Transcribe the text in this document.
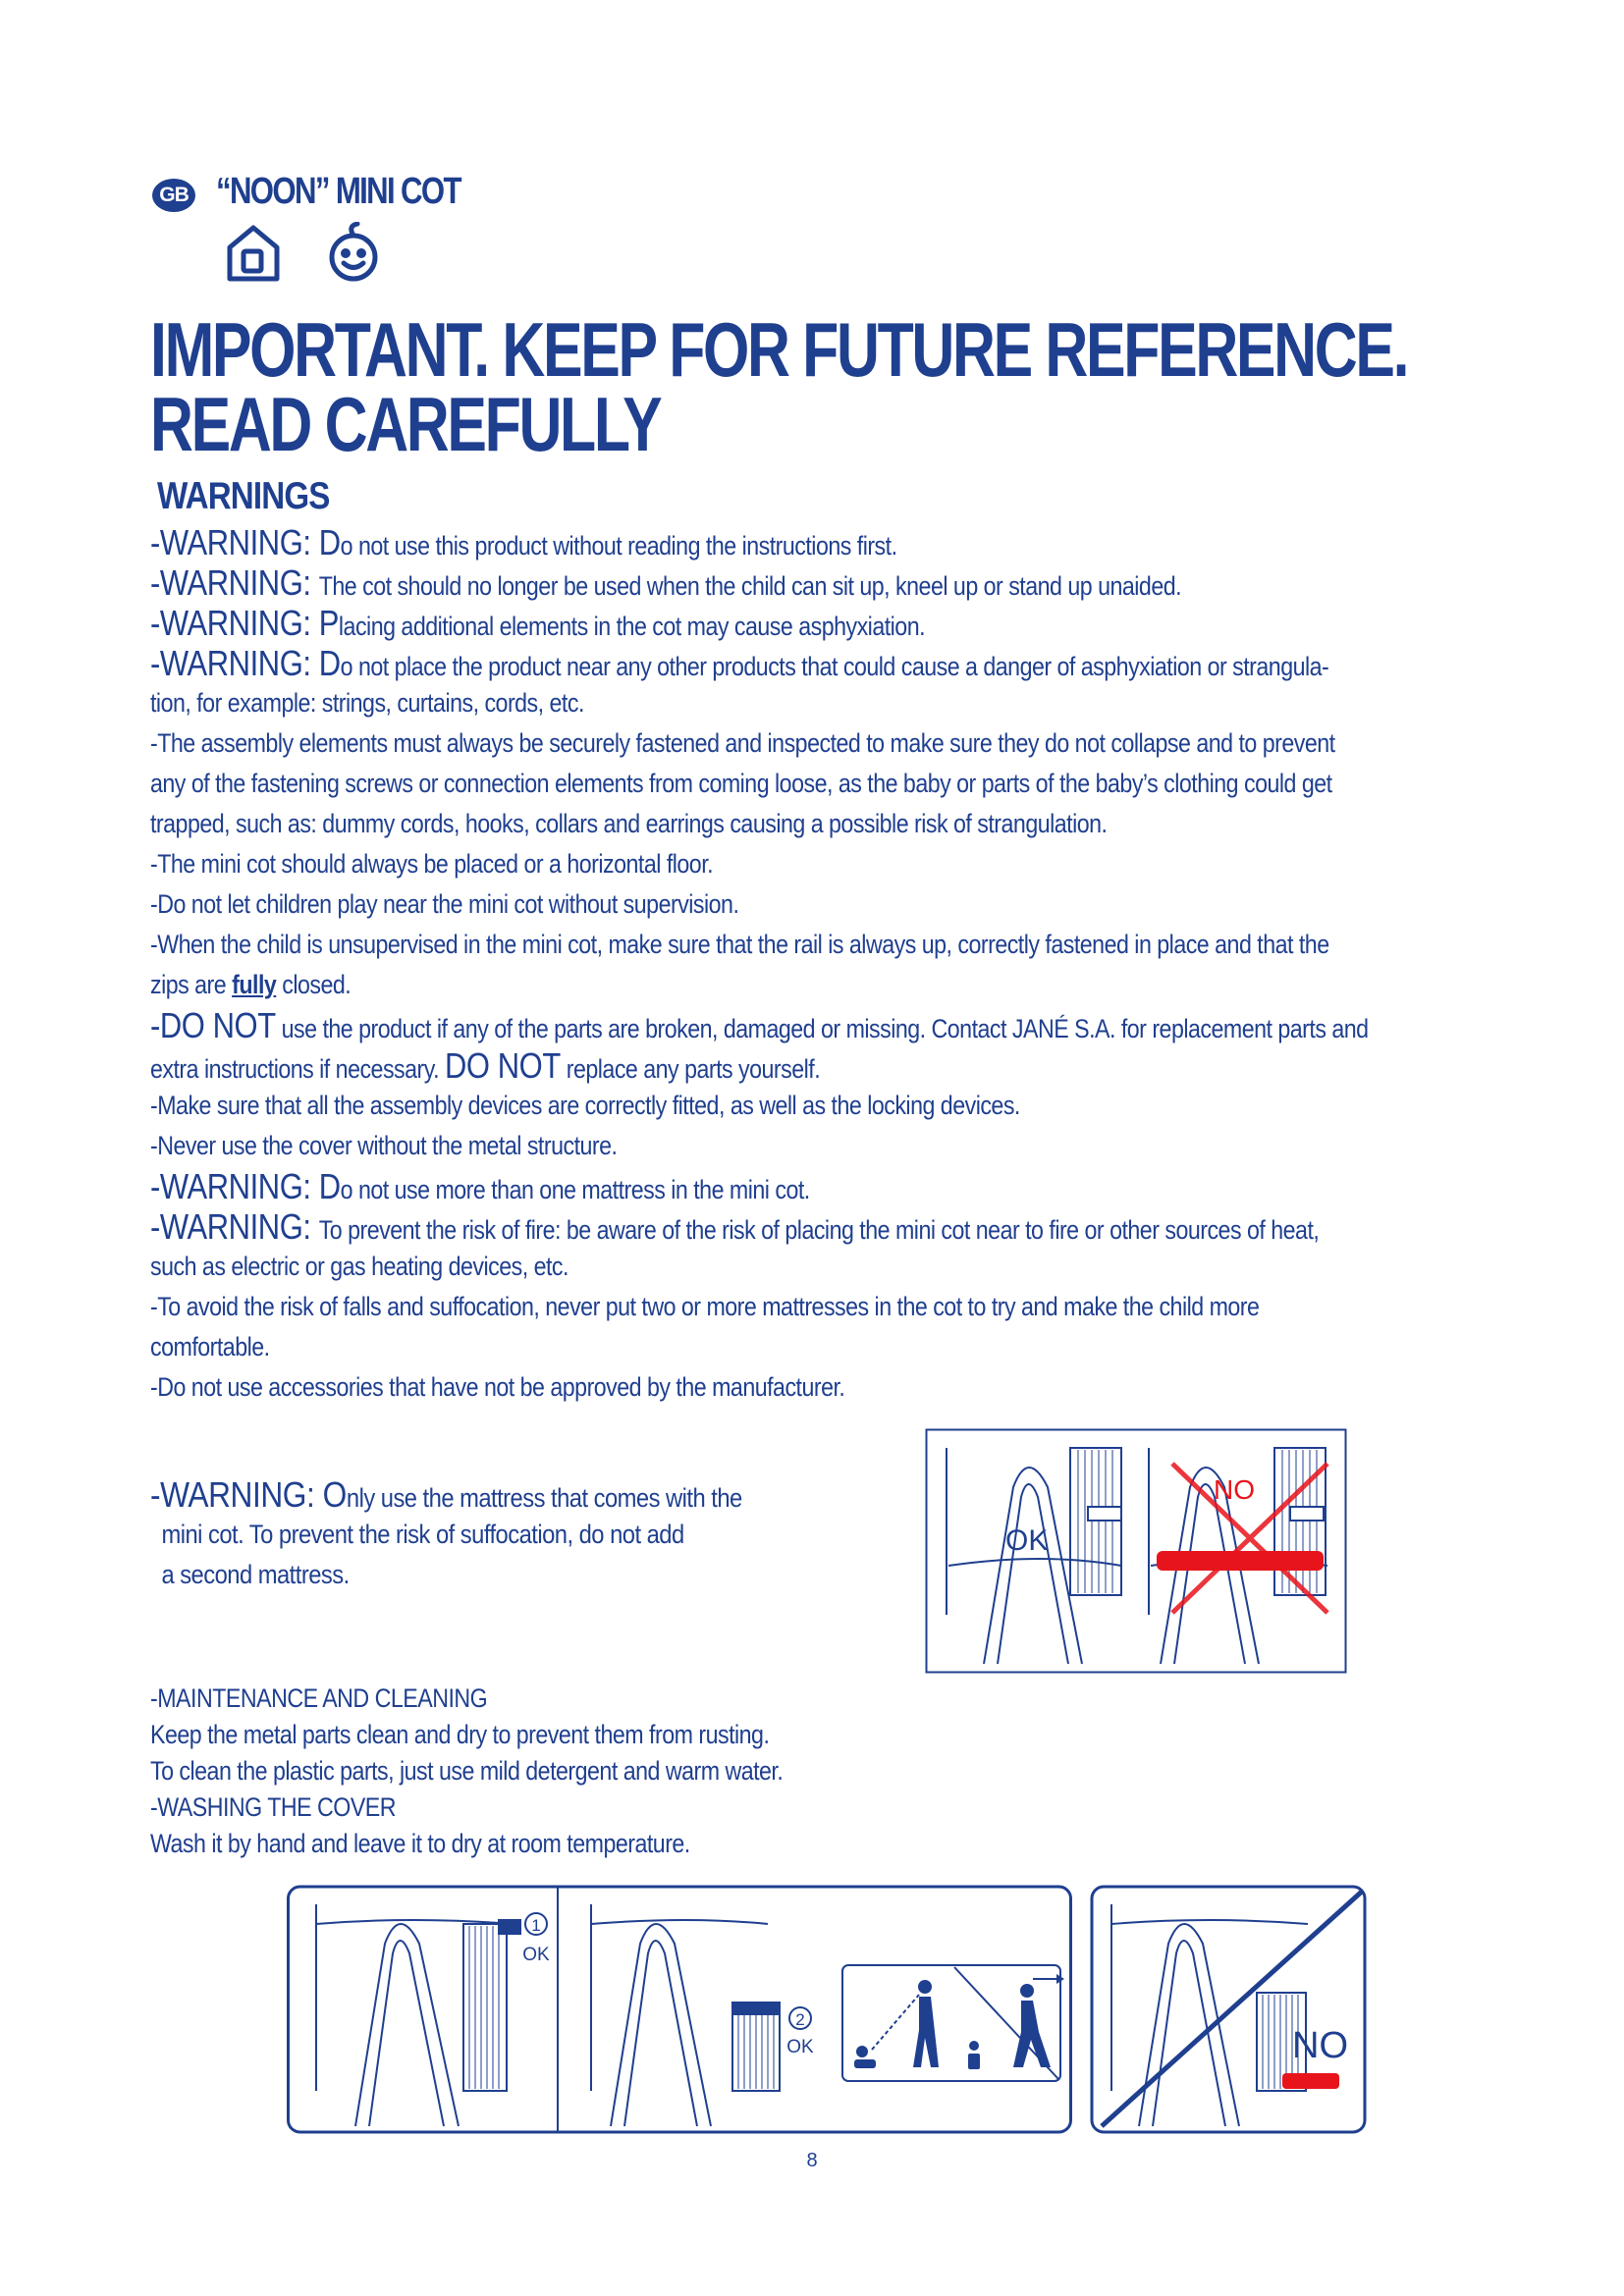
GB “NOON” MINI COT
IMPORTANT. KEEP FOR FUTURE REFERENCE.
READ CAREFULLY
WARNINGS
-WARNING: Do not use this product without reading the instructions first.
-WARNING: The cot should no longer be used when the child can sit up, kneel up or stand up unaided.
-WARNING: Placing additional elements in the cot may cause asphyxiation.
-WARNING: Do not place the product near any other products that could cause a danger of asphyxiation or strangula-
tion, for example: strings, curtains, cords, etc.
-The assembly elements must always be securely fastened and inspected to make sure they do not collapse and to prevent
any of the fastening screws or connection elements from coming loose, as the baby or parts of the baby’s clothing could get
trapped, such as: dummy cords, hooks, collars and earrings causing a possible risk of strangulation.
-The mini cot should always be placed or a horizontal floor.
-Do not let children play near the mini cot without supervision.
-When the child is unsupervised in the mini cot, make sure that the rail is always up, correctly fastened in place and that the
zips are fully closed.
-DO NOT use the product if any of the parts are broken, damaged or missing. Contact JANÉ S.A. for replacement parts and
extra instructions if necessary. DO NOT replace any parts yourself.
-Make sure that all the assembly devices are correctly fitted, as well as the locking devices.
-Never use the cover without the metal structure.
-WARNING: Do not use more than one mattress in the mini cot.
-WARNING: To prevent the risk of fire: be aware of the risk of placing the mini cot near to fire or other sources of heat,
such as electric or gas heating devices, etc.
-To avoid the risk of falls and suffocation, never put two or more mattresses in the cot to try and make the child more
comfortable.
-Do not use accessories that have not be approved by the manufacturer.
-WARNING: Only use the mattress that comes with the
mini cot. To prevent the risk of suffocation, do not add
a second mattress.
OK
NO
-MAINTENANCE AND CLEANING
Keep the metal parts clean and dry to prevent them from rusting.
To clean the plastic parts, just use mild detergent and warm water.
-WASHING THE COVER
Wash it by hand and leave it to dry at room temperature.
1
OK
2
OK	NO
8
